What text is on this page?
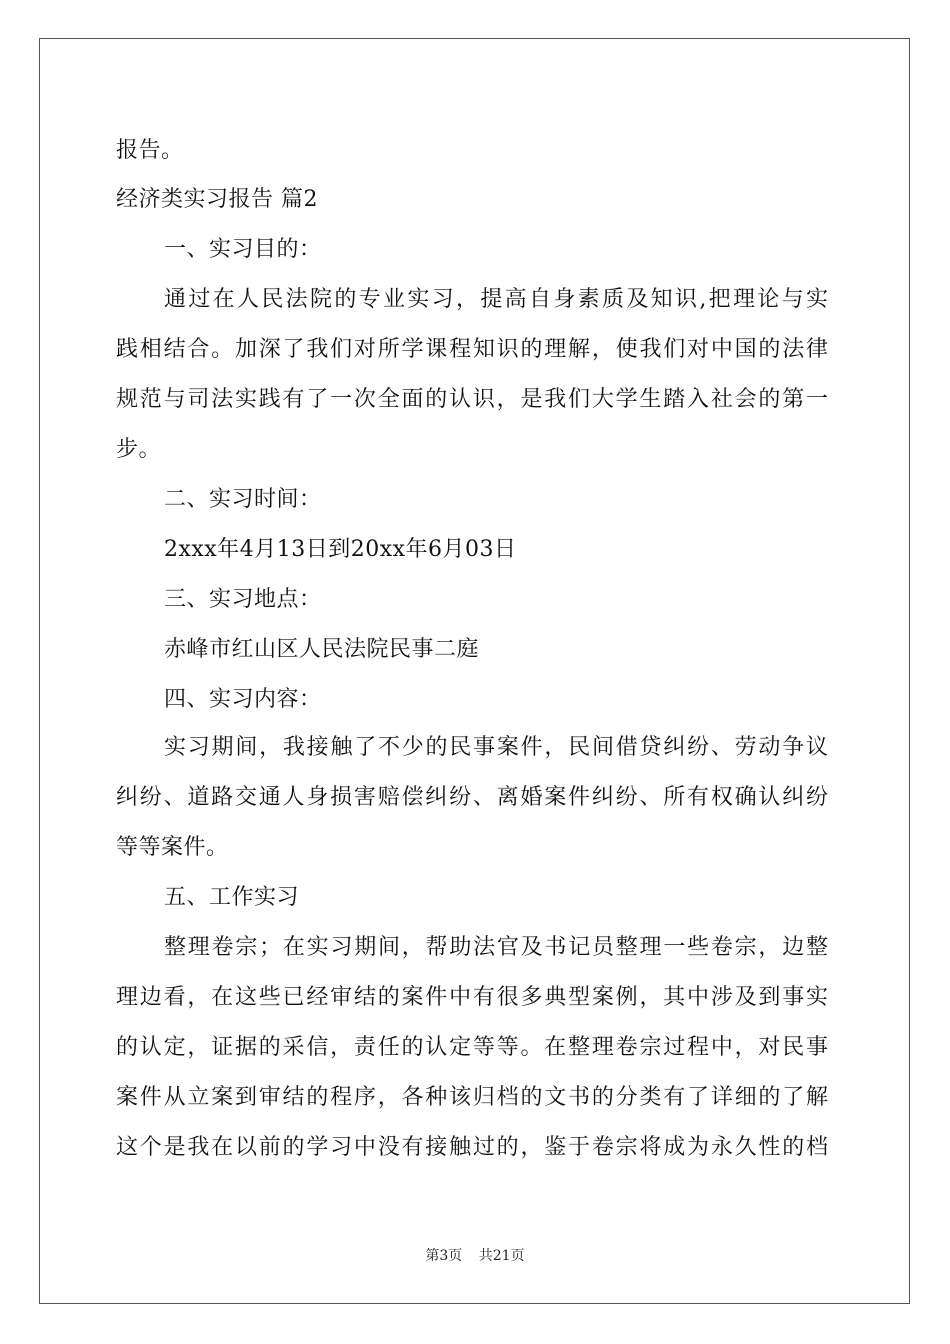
报告。
经济类实习报告 篇2
一、实习目的：
通过在人民法院的专业实习，提高自身素质及知识,把理论与实
践相结合。加深了我们对所学课程知识的理解，使我们对中国的法律
规范与司法实践有了一次全面的认识，是我们大学生踏入社会的第一
步。
二、实习时间：
2xxx年4月13日到20xx年6月03日
三、实习地点：
赤峰市红山区人民法院民事二庭
四、实习内容：
实习期间，我接触了不少的民事案件，民间借贷纠纷、劳动争议
纠纷、道路交通人身损害赔偿纠纷、离婚案件纠纷、所有权确认纠纷
等等案件。
五、工作实习
整理卷宗；在实习期间，帮助法官及书记员整理一些卷宗，边整
理边看，在这些已经审结的案件中有很多典型案例，其中涉及到事实
的认定，证据的采信，责任的认定等等。在整理卷宗过程中，对民事
案件从立案到审结的程序，各种该归档的文书的分类有了详细的了解
这个是我在以前的学习中没有接触过的，鉴于卷宗将成为永久性的档
第3页 共21页
